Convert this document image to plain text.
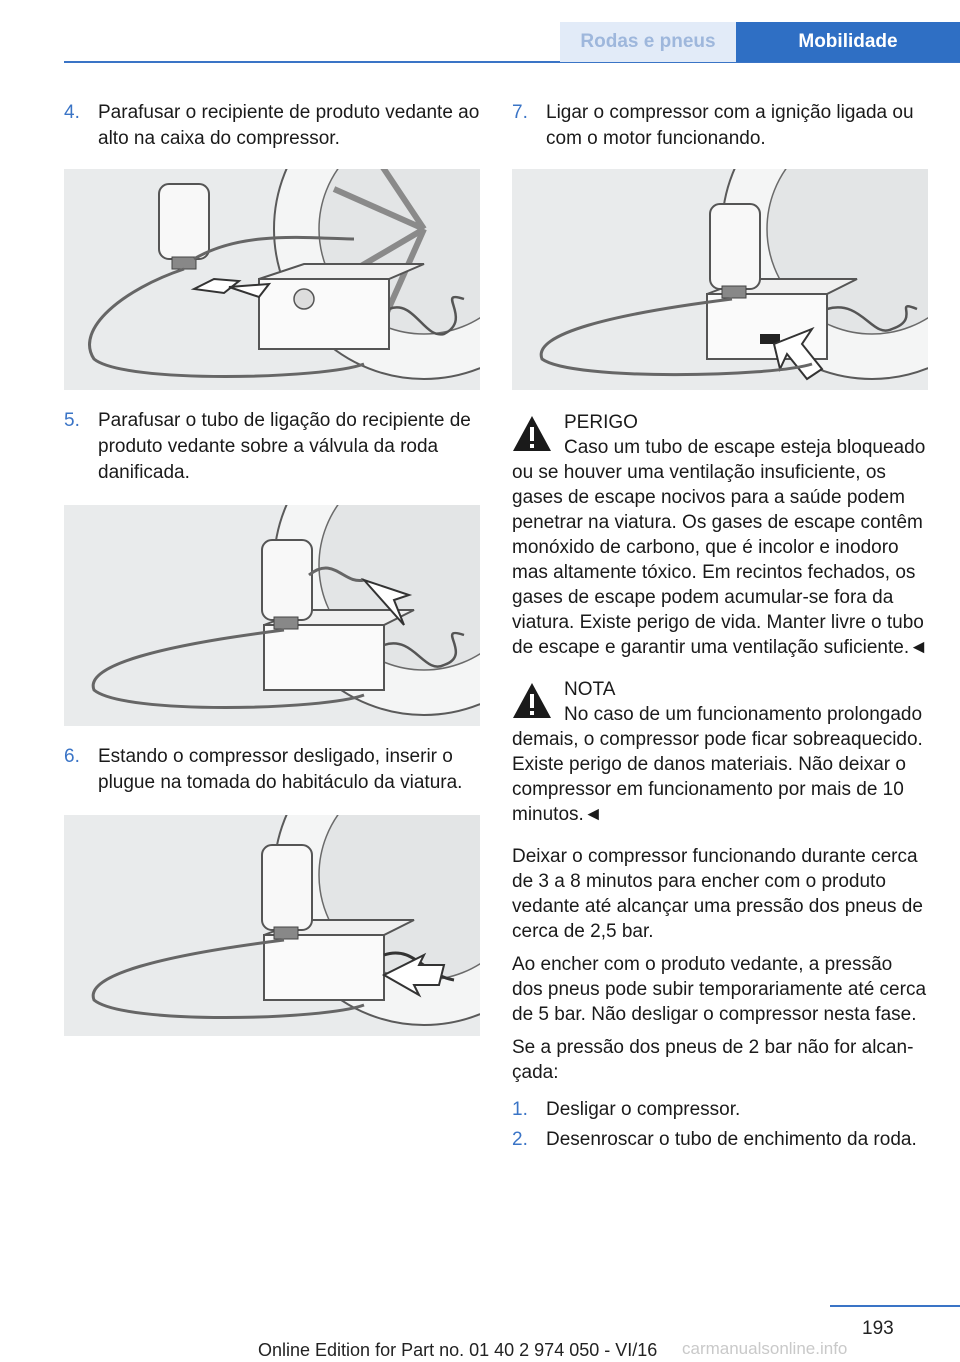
Rodas e pneus	Mobilidade
4. Parafusar o recipiente de produto vedante ao alto na caixa do compressor.
5. Parafusar o tubo de ligação do recipiente de produto vedante sobre a válvula da roda danificada.
6. Estando o compressor desligado, inserir o plugue na tomada do habitáculo da viatura.
7. Ligar o compressor com a ignição ligada ou com o motor funcionando.
PERIGO
Caso um tubo de escape esteja bloqueado ou se houver uma ventilação insuficiente, os gases de escape nocivos para a saúde podem penetrar na viatura. Os gases de escape contêm monóxido de carbono, que é incolor e inodoro mas altamente tóxico. Em recintos fechados, os gases de escape podem acumular-se fora da viatura. Existe perigo de vida. Manter livre o tubo de escape e garantir uma ventilação suficiente.◄
NOTA
No caso de um funcionamento prolongado demais, o compressor pode ficar sobreaquecido. Existe perigo de danos materiais. Não deixar o compressor em funcionamento por mais de 10 minutos.◄

Deixar o compressor funcionando durante cerca de 3 a 8 minutos para encher com o produto vedante até alcançar uma pressão dos pneus de cerca de 2,5 bar.

Ao encher com o produto vedante, a pressão dos pneus pode subir temporariamente até cerca de 5 bar. Não desligar o compressor nesta fase.

Se a pressão dos pneus de 2 bar não for alcançada:

1. Desligar o compressor.
2. Desenroscar o tubo de enchimento da roda.
193
Online Edition for Part no. 01 40 2 974 050 - VI/16 carmanualsonline.info
